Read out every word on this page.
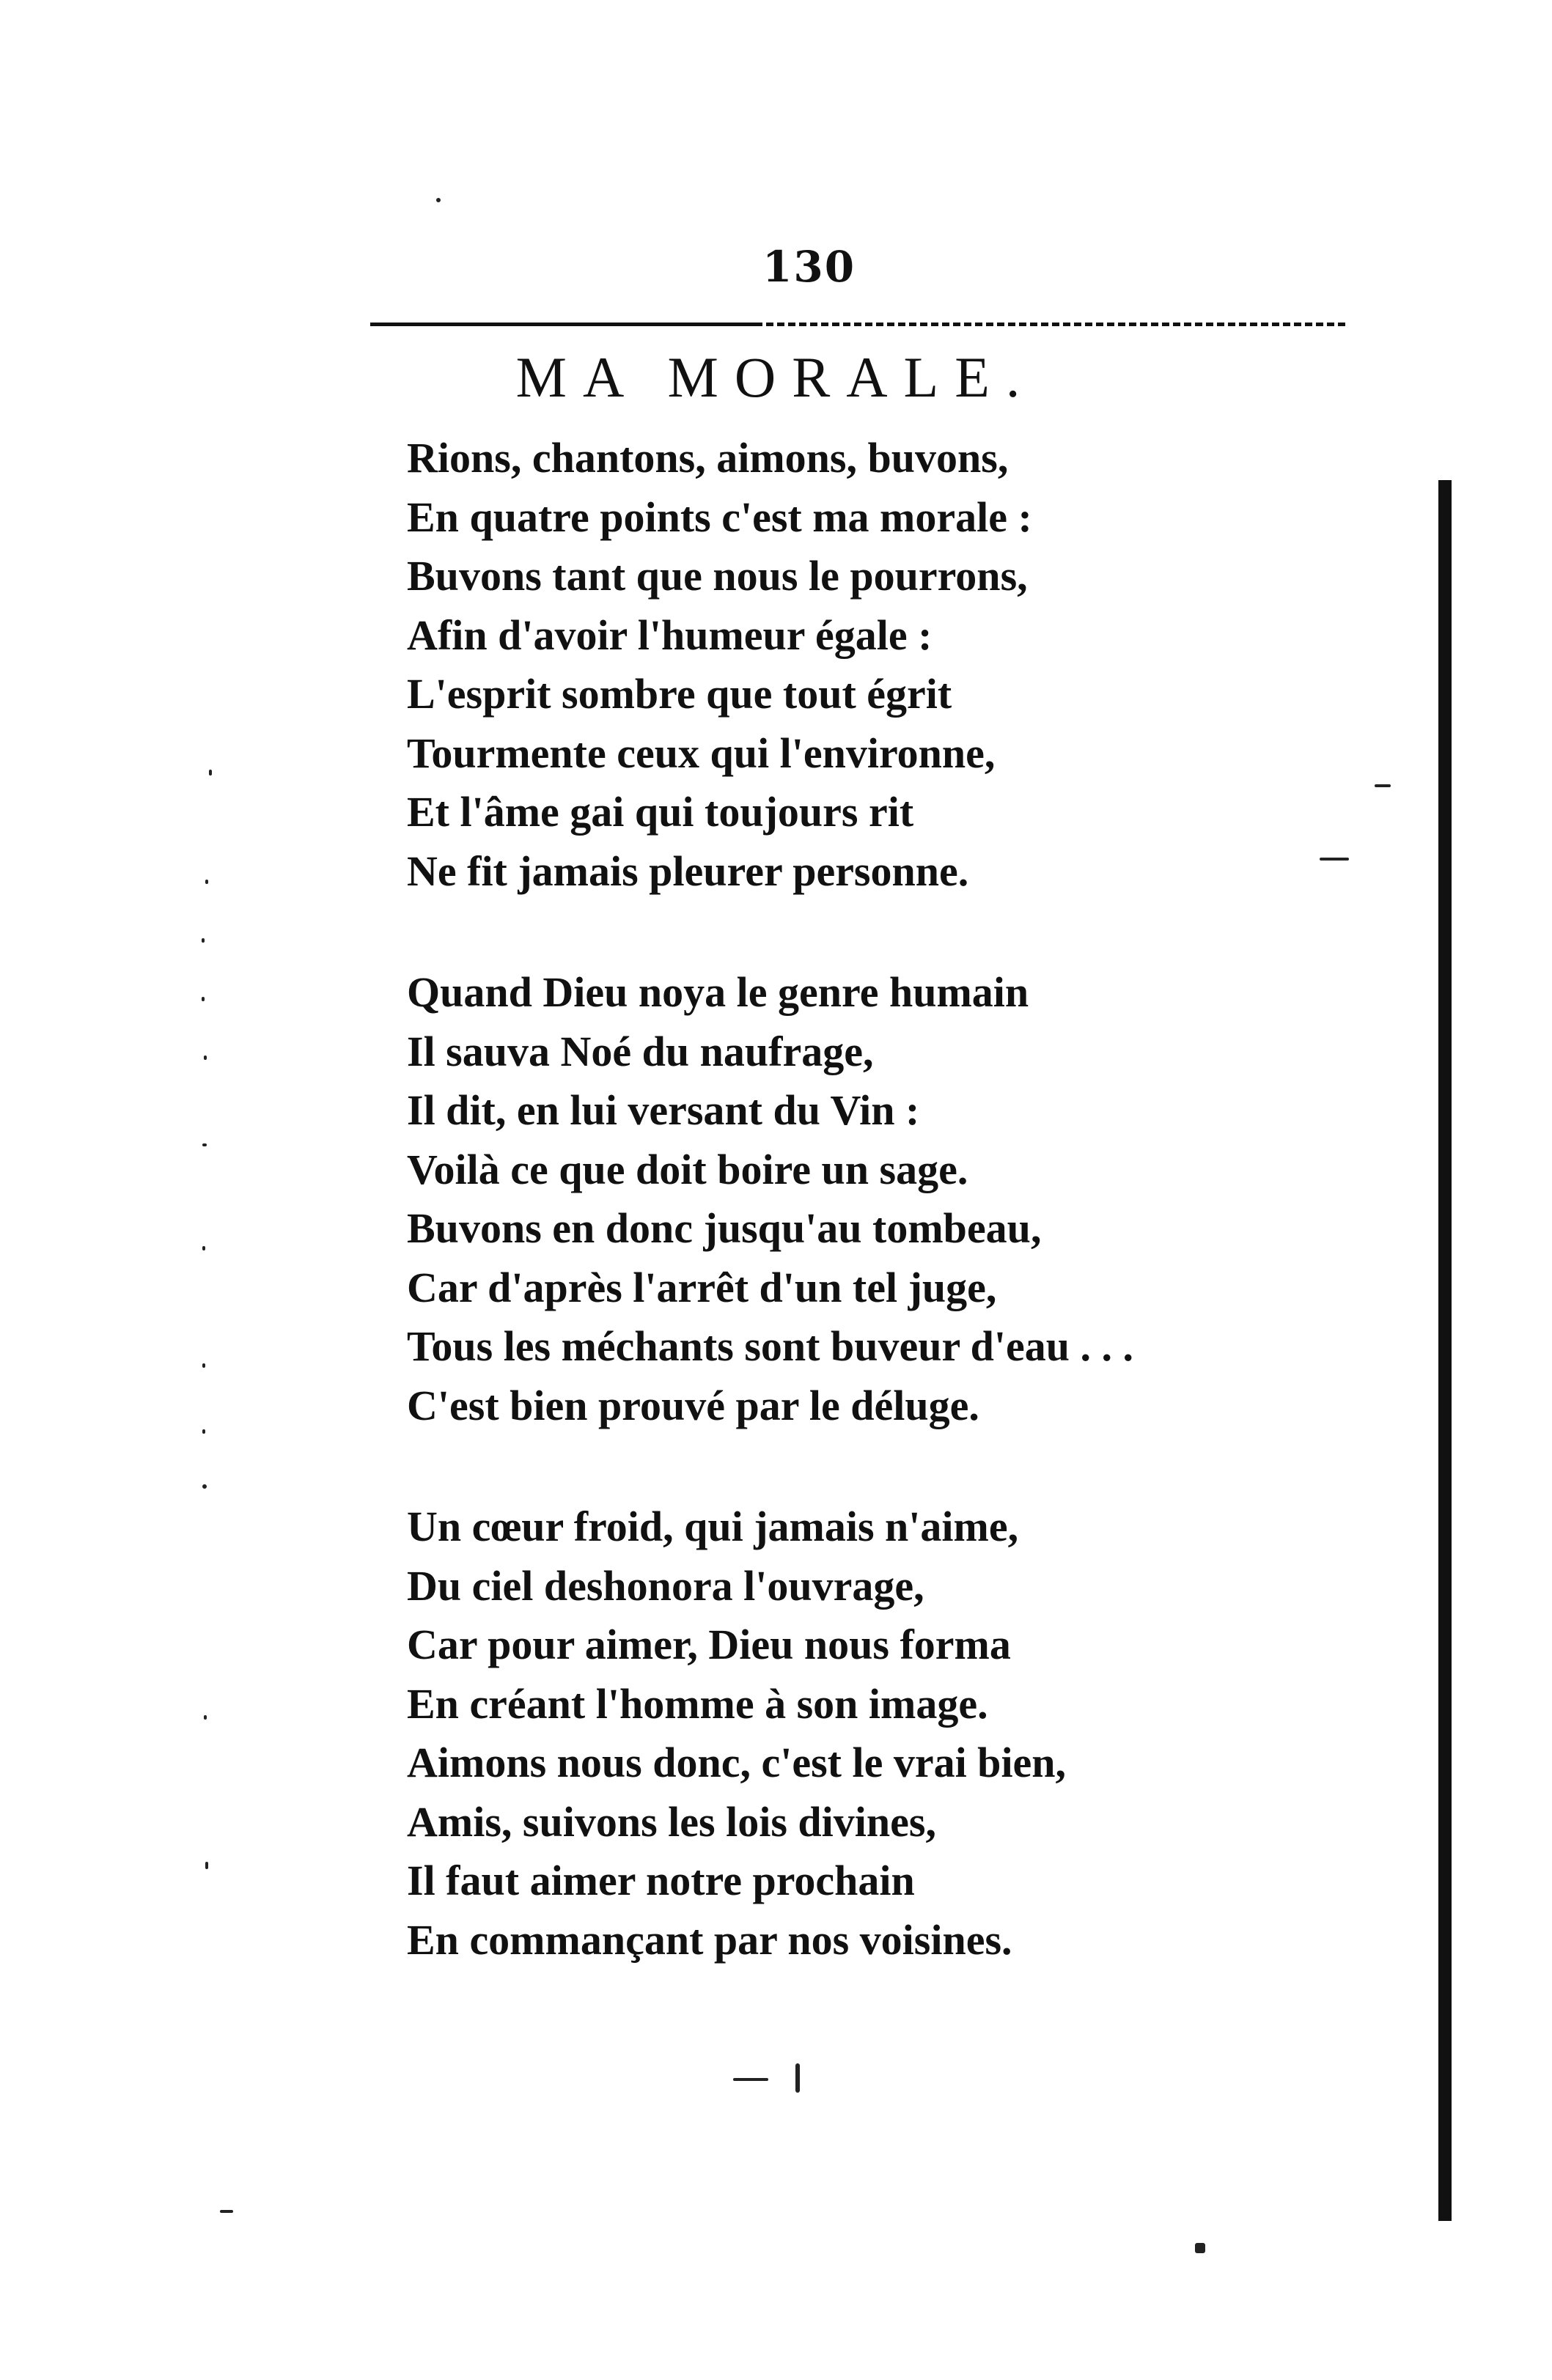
130
MA MORALE.
Rions, chantons, aimons, buvons,
En quatre points c'est ma morale :
Buvons tant que nous le pourrons,
Afin d'avoir l'humeur égale :
L'esprit sombre que tout égrit
Tourmente ceux qui l'environne,
Et l'âme gai qui toujours rit
Ne fit jamais pleurer personne.
Quand Dieu noya le genre humain
Il sauva Noé du naufrage,
Il dit, en lui versant du Vin :
Voilà ce que doit boire un sage.
Buvons en donc jusqu'au tombeau,
Car d'après l'arrêt d'un tel juge,
Tous les méchants sont buveur d'eau . . .
C'est bien prouvé par le déluge.
Un cœur froid, qui jamais n'aime,
Du ciel deshonora l'ouvrage,
Car pour aimer, Dieu nous forma
En créant l'homme à son image.
Aimons nous donc, c'est le vrai bien,
Amis, suivons les lois divines,
Il faut aimer notre prochain
En commançant par nos voisines.
